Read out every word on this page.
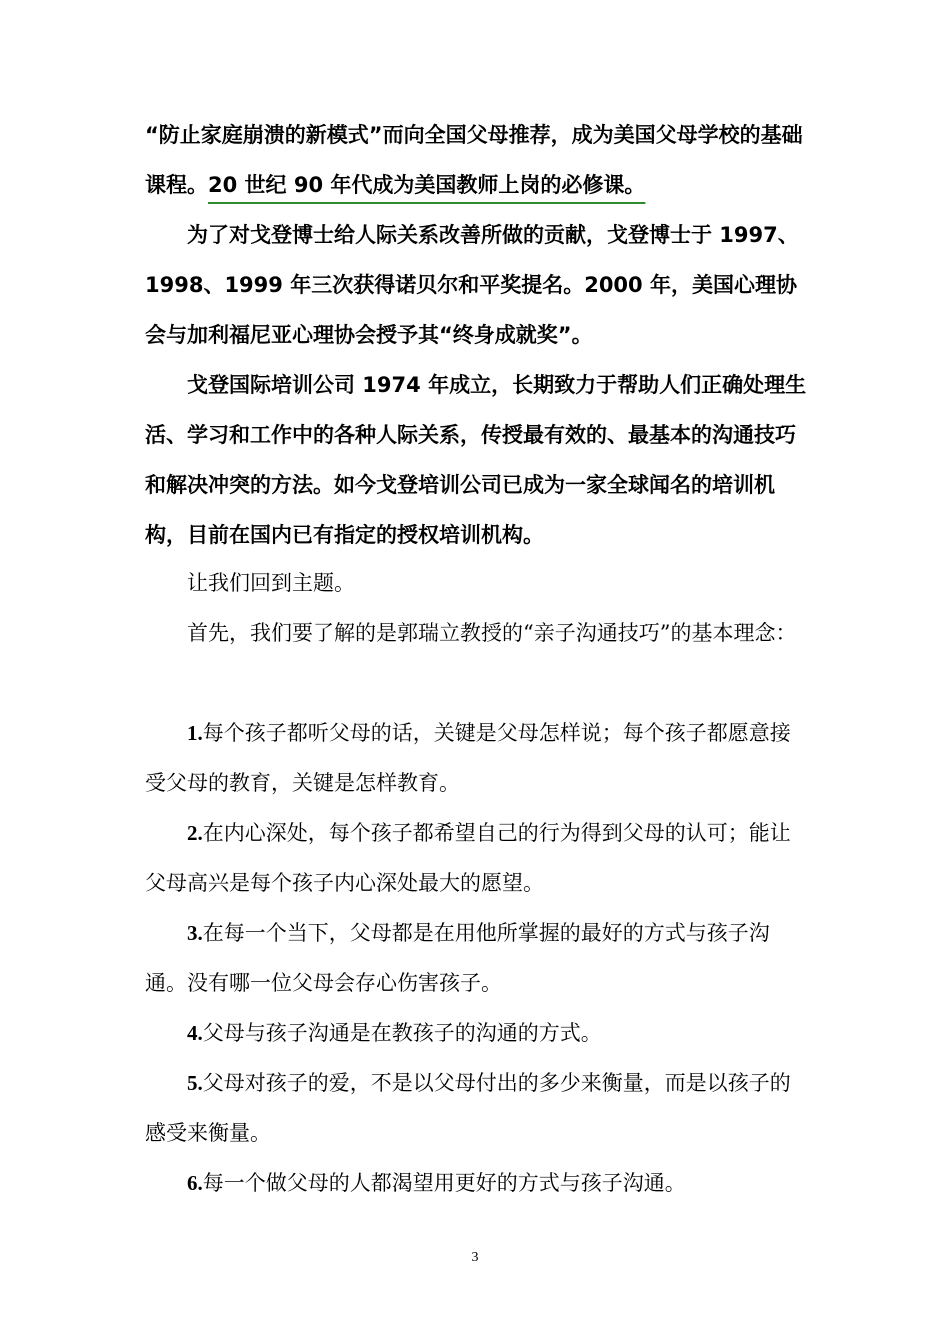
“防止家庭崩溃的新模式”而向全国父母推荐，成为美国父母学校的基础课程。20 世纪 90 年代成为美国教师上岗的必修课。

为了对戈登博士给人际关系改善所做的贡献，戈登博士于 1997、1998、1999 年三次获得诺贝尔和平奖提名。2000 年，美国心理协会与加利福尼亚心理协会授予其“终身成就奖”。

戈登国际培训公司 1974 年成立，长期致力于帮助人们正确处理生活、学习和工作中的各种人际关系，传授最有效的、最基本的沟通技巧和解决冲突的方法。如今戈登培训公司已成为一家全球闻名的培训机构，目前在国内已有指定的授权培训机构。

让我们回到主题。

首先，我们要了解的是郭瑞立教授的“亲子沟通技巧”的基本理念：

1.每个孩子都听父母的话，关键是父母怎样说；每个孩子都愿意接受父母的教育，关键是怎样教育。

2.在内心深处，每个孩子都希望自己的行为得到父母的认可；能让父母高兴是每个孩子内心深处最大的愿望。

3.在每一个当下，父母都是在用他所掌握的最好的方式与孩子沟通。没有哪一位父母会存心伤害孩子。

4.父母与孩子沟通是在教孩子的沟通的方式。

5.父母对孩子的爱，不是以父母付出的多少来衡量，而是以孩子的感受来衡量。

6.每一个做父母的人都渴望用更好的方式与孩子沟通。

3
